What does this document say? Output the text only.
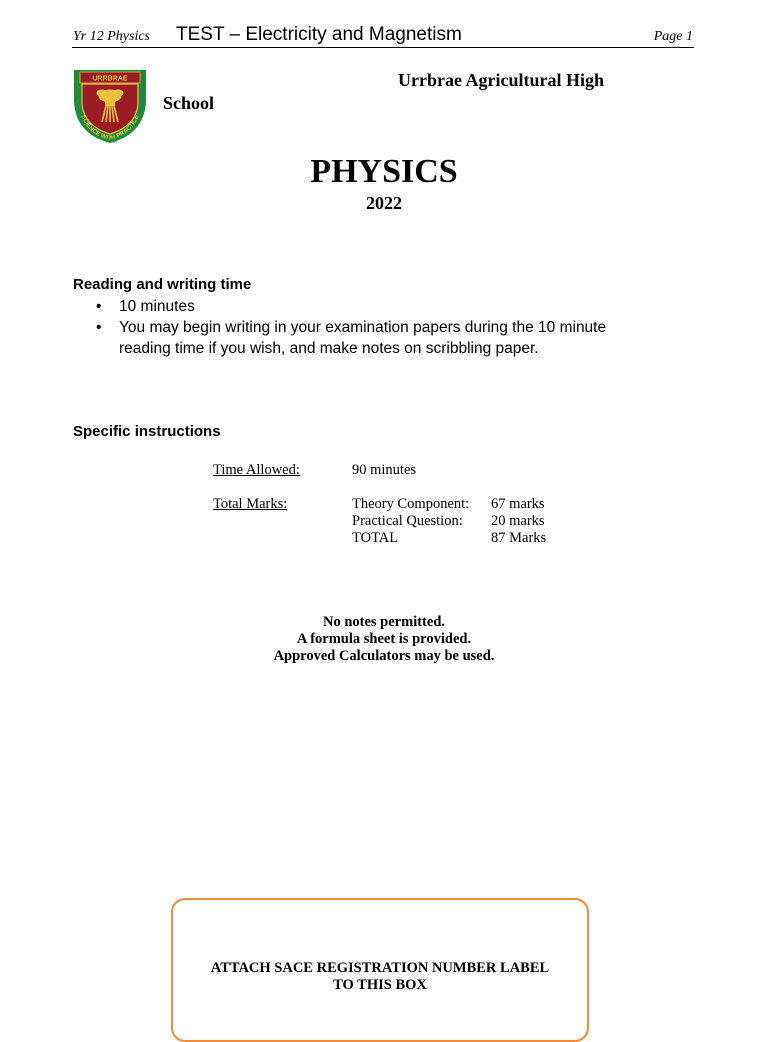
Yr 12 Physics TEST – Electricity and Magnetism	Page 1
URRBRAE
SCIENCE WITH PRACTICE
Urrbrae Agricultural High
School
PHYSICS
2022
Reading and writing time
• 10 minutes
• You may begin writing in your examination papers during the 10 minute reading time if you wish, and make notes on scribbling paper.
Specific instructions
Time Allowed:	90 minutes
Total Marks:	Theory Component: 67 marks
Practical Question: 20 marks
TOTAL	87 Marks
No notes permitted.
A formula sheet is provided.
Approved Calculators may be used.
ATTACH SACE REGISTRATION NUMBER LABEL
TO THIS BOX
